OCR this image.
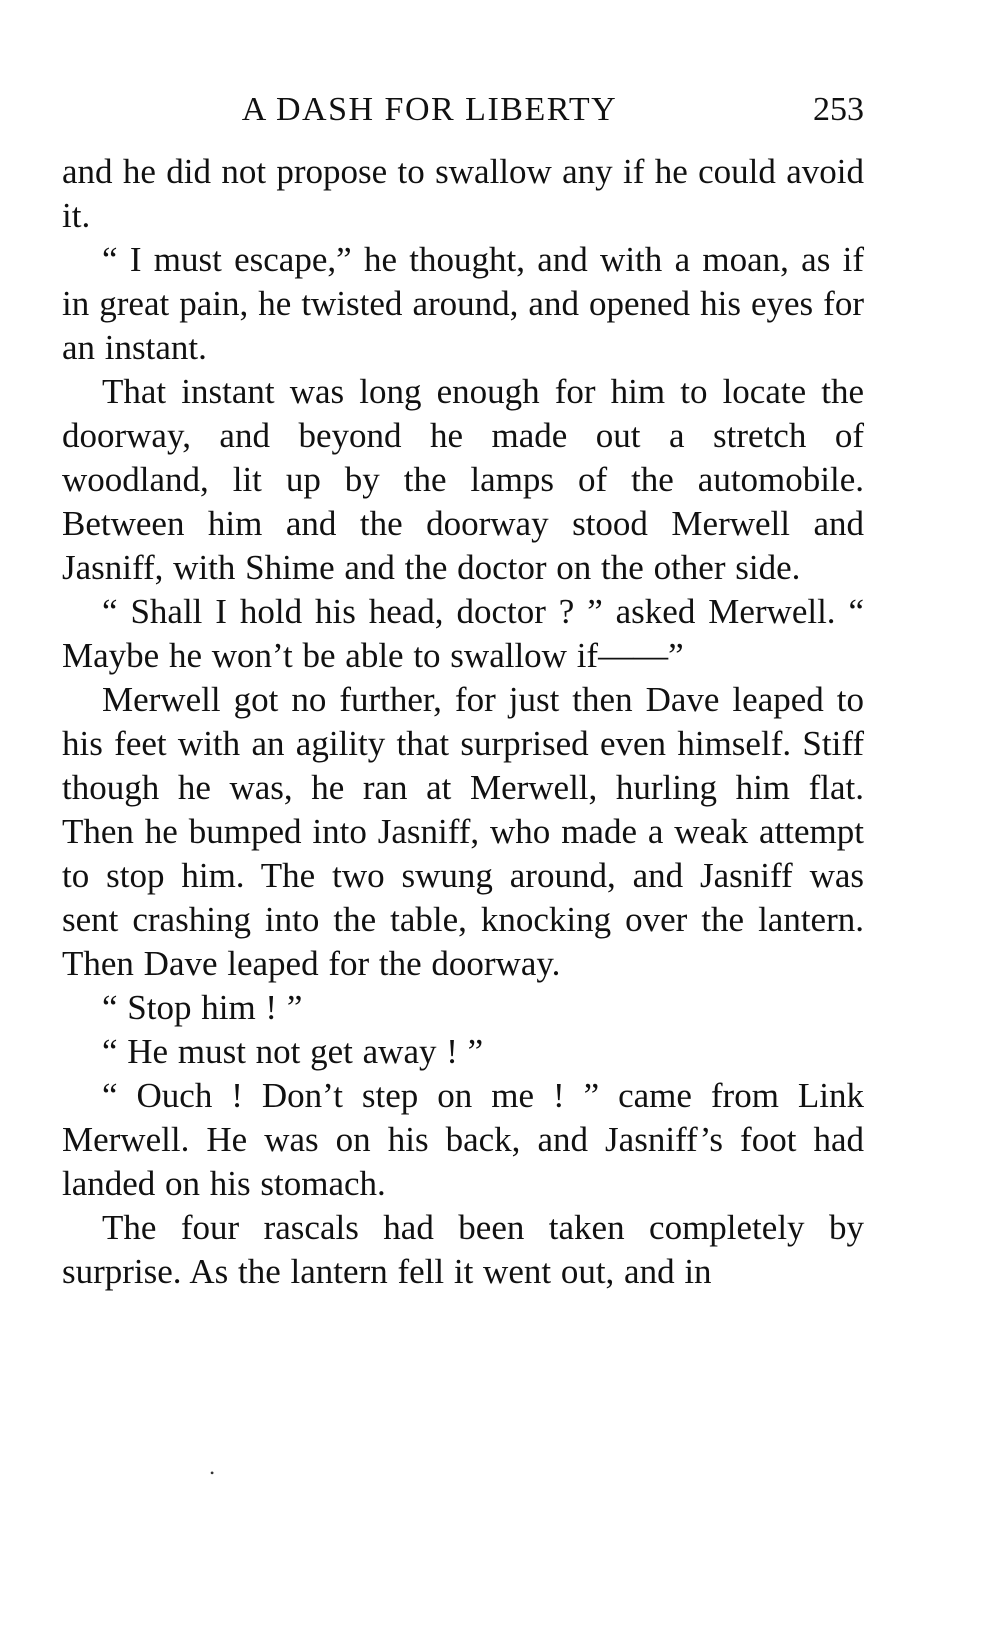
A DASH FOR LIBERTY	253

and he did not propose to swallow any if he could avoid it.

“ I must escape,” he thought, and with a moan, as if in great pain, he twisted around, and opened his eyes for an instant.

That instant was long enough for him to locate the doorway, and beyond he made out a stretch of woodland, lit up by the lamps of the automobile. Between him and the doorway stood Merwell and Jasniff, with Shime and the doctor on the other side.

“ Shall I hold his head, doctor ? ” asked Merwell. “ Maybe he won’t be able to swallow if——”

Merwell got no further, for just then Dave leaped to his feet with an agility that surprised even himself. Stiff though he was, he ran at Merwell, hurling him flat. Then he bumped into Jasniff, who made a weak attempt to stop him. The two swung around, and Jasniff was sent crashing into the table, knocking over the lantern. Then Dave leaped for the doorway.

“ Stop him ! ”

“ He must not get away ! ”

“ Ouch ! Don’t step on me ! ” came from Link Merwell. He was on his back, and Jasniff’s foot had landed on his stomach.

The four rascals had been taken completely by surprise. As the lantern fell it went out, and in

•
